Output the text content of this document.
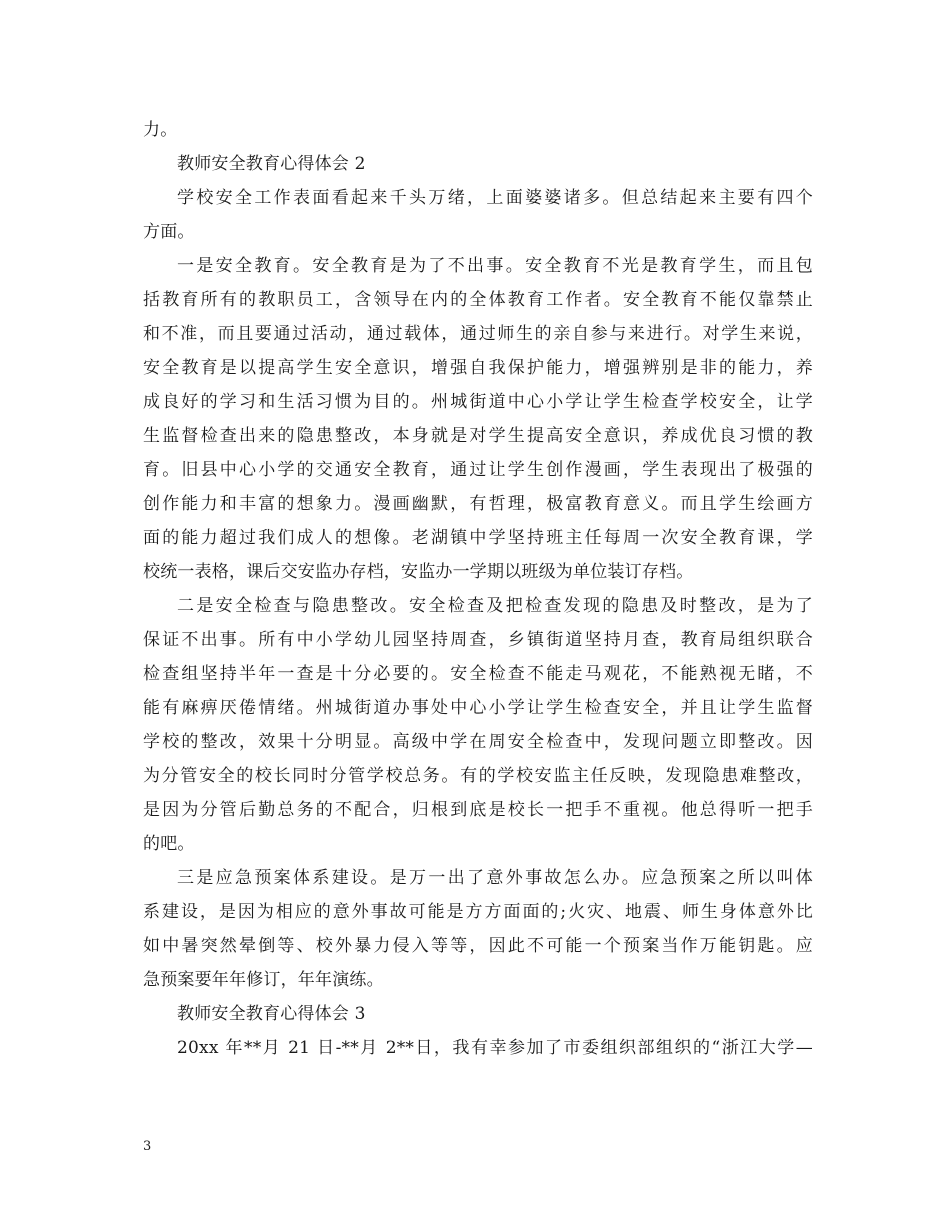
力。
教师安全教育心得体会 2
学校安全工作表面看起来千头万绪，上面婆婆诸多。但总结起来主要有四个
方面。
一是安全教育。安全教育是为了不出事。安全教育不光是教育学生，而且包
括教育所有的教职员工，含领导在内的全体教育工作者。安全教育不能仅靠禁止
和不准，而且要通过活动，通过载体，通过师生的亲自参与来进行。对学生来说，
安全教育是以提高学生安全意识，增强自我保护能力，增强辨别是非的能力，养
成良好的学习和生活习惯为目的。州城街道中心小学让学生检查学校安全，让学
生监督检查出来的隐患整改，本身就是对学生提高安全意识，养成优良习惯的教
育。旧县中心小学的交通安全教育，通过让学生创作漫画，学生表现出了极强的
创作能力和丰富的想象力。漫画幽默，有哲理，极富教育意义。而且学生绘画方
面的能力超过我们成人的想像。老湖镇中学坚持班主任每周一次安全教育课，学
校统一表格，课后交安监办存档，安监办一学期以班级为单位装订存档。
二是安全检查与隐患整改。安全检查及把检查发现的隐患及时整改，是为了
保证不出事。所有中小学幼儿园坚持周查，乡镇街道坚持月查，教育局组织联合
检查组坚持半年一查是十分必要的。安全检查不能走马观花，不能熟视无睹，不
能有麻痹厌倦情绪。州城街道办事处中心小学让学生检查安全，并且让学生监督
学校的整改，效果十分明显。高级中学在周安全检查中，发现问题立即整改。因
为分管安全的校长同时分管学校总务。有的学校安监主任反映，发现隐患难整改，
是因为分管后勤总务的不配合，归根到底是校长一把手不重视。他总得听一把手
的吧。
三是应急预案体系建设。是万一出了意外事故怎么办。应急预案之所以叫体
系建设，是因为相应的意外事故可能是方方面面的;火灾、地震、师生身体意外比
如中暑突然晕倒等、校外暴力侵入等等，因此不可能一个预案当作万能钥匙。应
急预案要年年修订，年年演练。
教师安全教育心得体会 3
20xx 年**月 21 日-**月 2**日，我有幸参加了市委组织部组织的“浙江大学—
3
